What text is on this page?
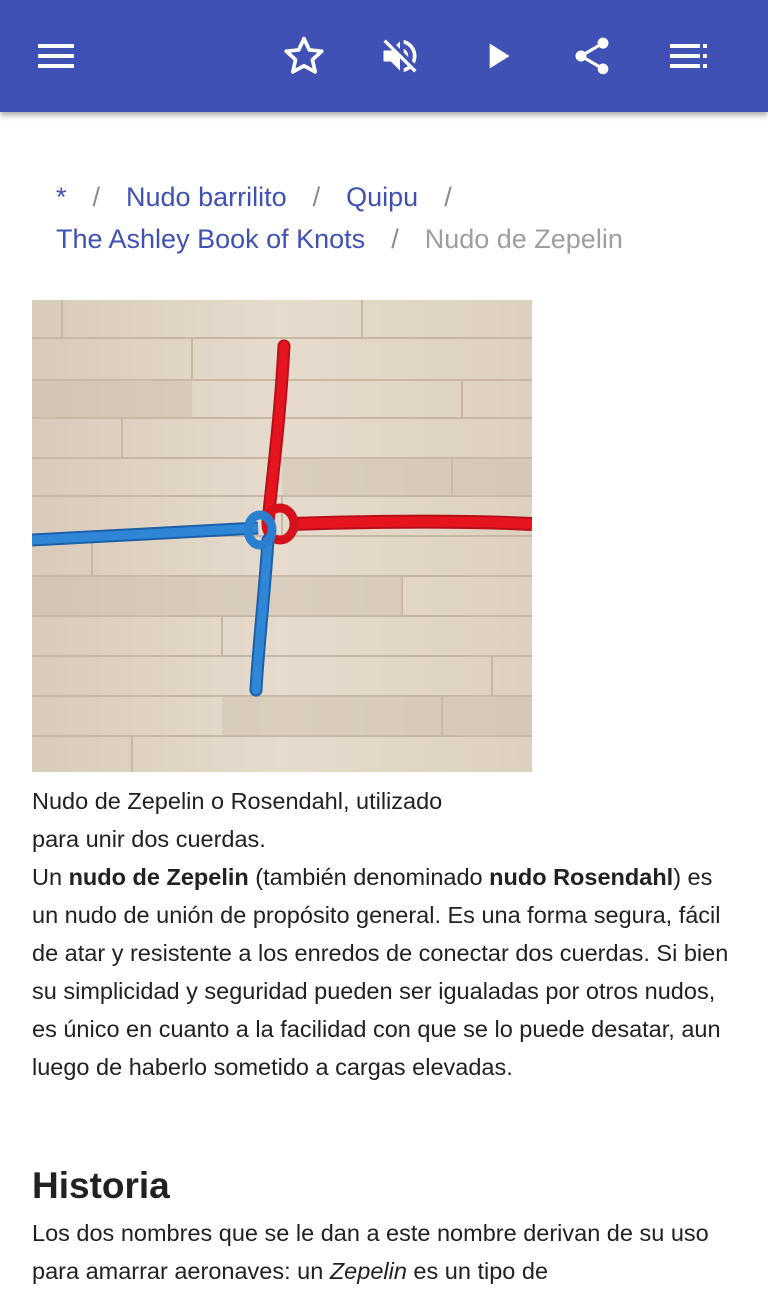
* / Nudo barrilito / Quipu /
The Ashley Book of Knots / Nudo de Zepelin
Nudo de Zepelin o Rosendahl, utilizado
para unir dos cuerdas.

Un nudo de Zepelin (también denominado nudo Rosendahl) es un nudo de unión de propósito general. Es una forma segura, fácil de atar y resistente a los enredos de conectar dos cuerdas. Si bien su simplicidad y seguridad pueden ser igualadas por otros nudos, es único en cuanto a la facilidad con que se lo puede desatar, aun luego de haberlo sometido a cargas elevadas.

Historia

Los dos nombres que se le dan a este nombre derivan de su uso para amarrar aeronaves: un Zepelin es un tipo de
